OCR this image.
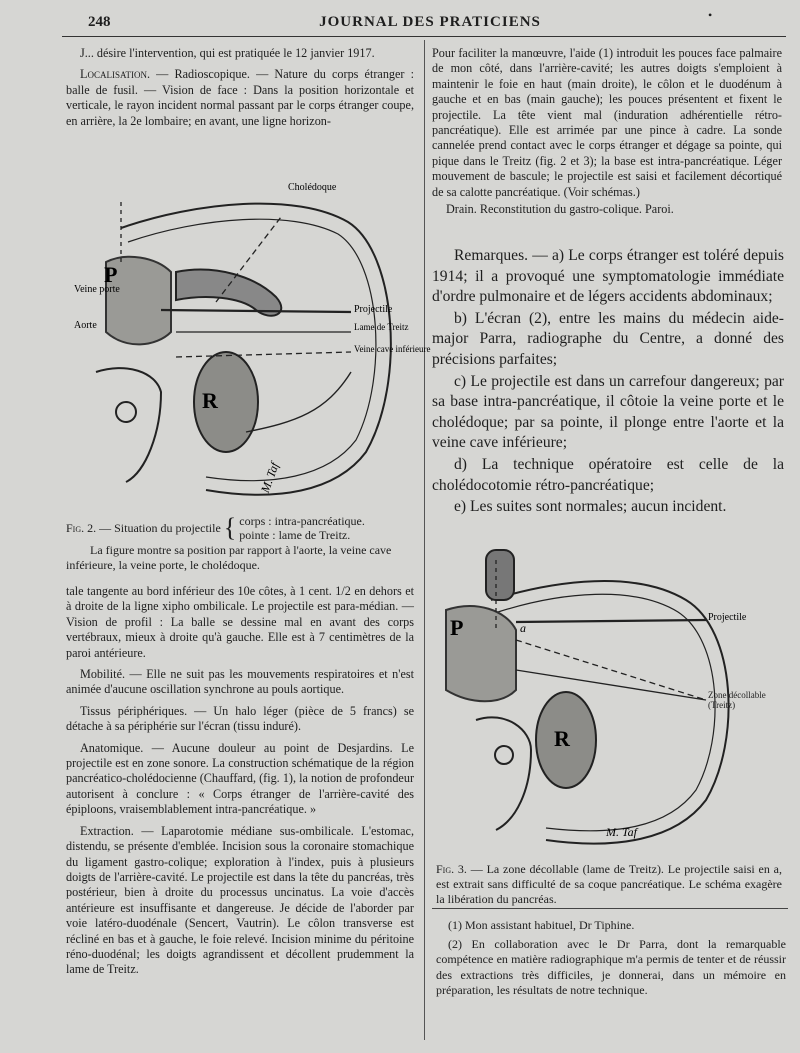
248	JOURNAL DES PRATICIENS	•

J... désire l'intervention, qui est pratiquée le 12 janvier 1917.

Localisation. — Radioscopique. — Nature du corps étranger : balle de fusil. — Vision de face : Dans la position horizontale et verticale, le rayon incident normal passant par le corps étranger coupe, en arrière, la 2e lombaire; en avant, une ligne horizon-

Cholédoque
Veine porte
Aorte
Projectile
Lame de Treitz
Veine cave inférieure
P
R
M. Taf
Fig. 2. — Situation du projectile { corps : intra-pancréatique.
pointe : lame de Treitz.
La figure montre sa position par rapport à l'aorte, la veine cave inférieure, la veine porte, le cholédoque.

tale tangente au bord inférieur des 10e côtes, à 1 cent. 1/2 en dehors et à droite de la ligne xipho ombilicale. Le projectile est para-médian. — Vision de profil : La balle se dessine mal en avant des corps vertébraux, mieux à droite qu'à gauche. Elle est à 7 centimètres de la paroi antérieure.

Mobilité. — Elle ne suit pas les mouvements respiratoires et n'est animée d'aucune oscillation synchrone au pouls aortique.

Tissus périphériques. — Un halo léger (pièce de 5 francs) se détache à sa périphérie sur l'écran (tissu induré).

Anatomique. — Aucune douleur au point de Desjardins. Le projectile est en zone sonore. La construction schématique de la région pancréatico-cholédocienne (Chauffard, (fig. 1), la notion de profondeur autorisent à conclure : « Corps étranger de l'arrière-cavité des épiploons, vraisemblablement intra-pancréatique. »

Extraction. — Laparotomie médiane sus-ombilicale. L'estomac, distendu, se présente d'emblée. Incision sous la coronaire stomachique du ligament gastro-colique; exploration à l'index, puis à plusieurs doigts de l'arrière-cavité. Le projectile est dans la tête du pancréas, très postérieur, bien à droite du processus uncinatus. La voie d'accès antérieure est insuffisante et dangereuse. Je décide de l'aborder par voie latéro-duodénale (Sencert, Vautrin). Le côlon transverse est récliné en bas et à gauche, le foie relevé. Incision minime du péritoine réno-duodénal; les doigts agrandissent et décollent prudemment la lame de Treitz.

Pour faciliter la manœuvre, l'aide (1) introduit les pouces face palmaire de mon côté, dans l'arrière-cavité; les autres doigts s'emploient à maintenir le foie en haut (main droite), le côlon et le duodénum à gauche et en bas (main gauche); les pouces présentent et fixent le projectile. La tête vient mal (induration adhérentielle rétro-pancréatique). Elle est arrimée par une pince à cadre. La sonde cannelée prend contact avec le corps étranger et dégage sa pointe, qui pique dans le Treitz (fig. 2 et 3); la base est intra-pancréatique. Léger mouvement de bascule; le projectile est saisi et facilement décortiqué de sa calotte pancréatique. (Voir schémas.)

Drain. Reconstitution du gastro-colique. Paroi.

Remarques. — a) Le corps étranger est toléré depuis 1914; il a provoqué une symptomatologie immédiate d'ordre pulmonaire et de légers accidents abdominaux;

b) L'écran (2), entre les mains du médecin aide-major Parra, radiographe du Centre, a donné des précisions parfaites;

c) Le projectile est dans un carrefour dangereux; par sa base intra-pancréatique, il côtoie la veine porte et le cholédoque; par sa pointe, il plonge entre l'aorte et la veine cave inférieure;

d) La technique opératoire est celle de la cholédocotomie rétro-pancréatique;

e) Les suites sont normales; aucun incident.

Projectile
Zone décollable (Treitz)
P	a
R
M. Taf
Fig. 3. — La zone décollable (lame de Treitz). Le projectile saisi en a, est extrait sans difficulté de sa coque pancréatique. Le schéma exagère la libération du pancréas.

(1) Mon assistant habituel, Dr Tiphine.

(2) En collaboration avec le Dr Parra, dont la remarquable compétence en matière radiographique m'a permis de tenter et de réussir des extractions très difficiles, je donnerai, dans un mémoire en préparation, les résultats de notre technique.
